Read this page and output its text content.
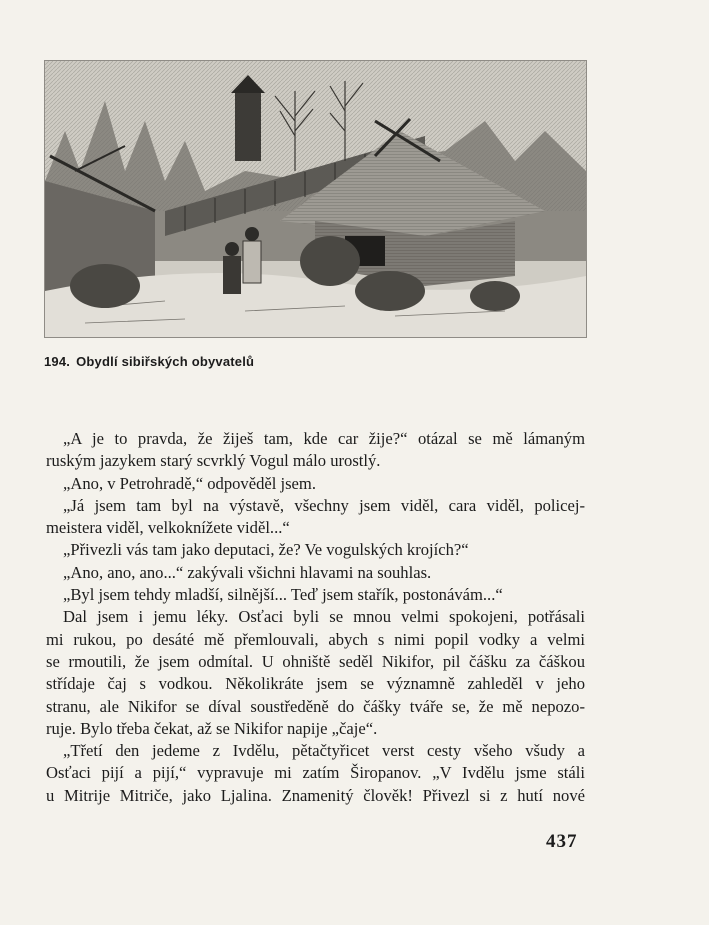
194. Obydlí sibiřských obyvatelů
„A je to pravda, že žiješ tam, kde car žije?“ otázal se mě lámaným
ruským jazykem starý scvrklý Vogul málo urostlý.
„Ano, v Petrohradě,“ odpověděl jsem.
„Já jsem tam byl na výstavě, všechny jsem viděl, cara viděl, policej-
meistera viděl, velkoknížete viděl...“
„Přivezli vás tam jako deputaci, že? Ve vogulských krojích?“
„Ano, ano, ano...“ zakývali všichni hlavami na souhlas.
„Byl jsem tehdy mladší, silnější... Teď jsem stařík, postonávám...“
Dal jsem i jemu léky. Osťaci byli se mnou velmi spokojeni, potřásali
mi rukou, po desáté mě přemlouvali, abych s nimi popil vodky a velmi
se rmoutili, že jsem odmítal. U ohniště seděl Nikifor, pil čášku za čáškou
střídaje čaj s vodkou. Několikráte jsem se významně zahleděl v jeho
stranu, ale Nikifor se díval soustředěně do čášky tváře se, že mě nepozo-
ruje. Bylo třeba čekat, až se Nikifor napije „čaje“.
„Třetí den jedeme z Ivdělu, pětačtyřicet verst cesty všeho všudy a
Osťaci pijí a pijí,“ vypravuje mi zatím Širopanov. „V Ivdělu jsme stáli
u Mitrije Mitriče, jako Ljalina. Znamenitý člověk! Přivezl si z hutí nové
437
